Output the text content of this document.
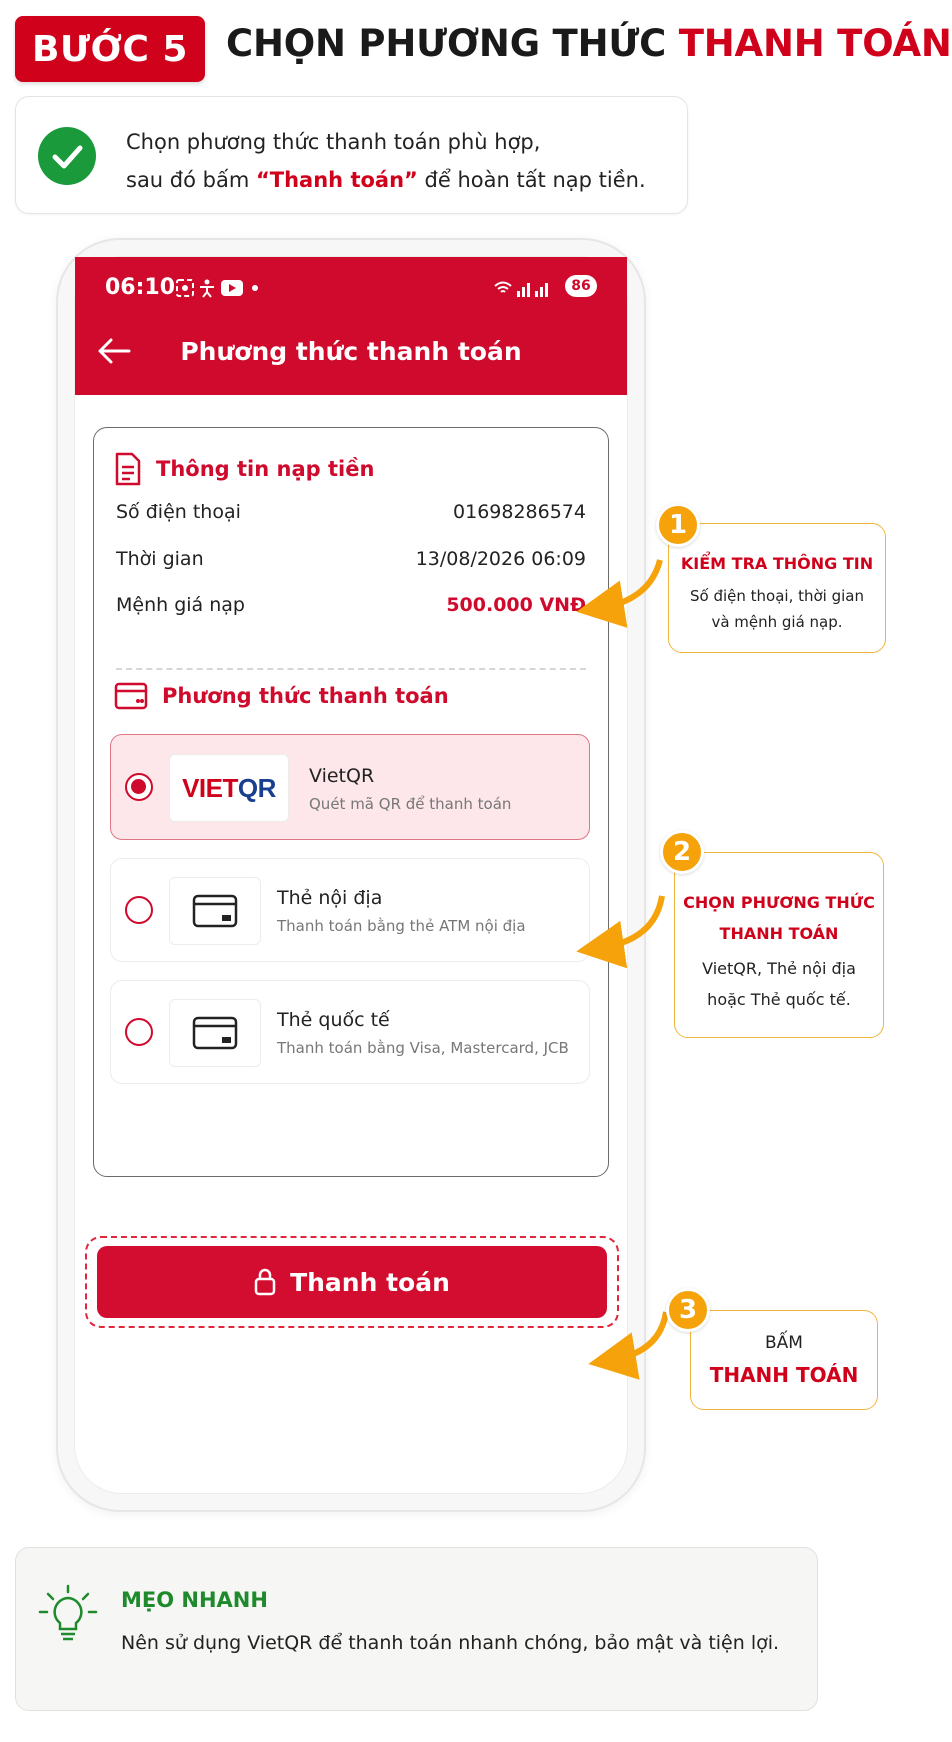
BƯỚC 5	CHỌN PHƯƠNG THỨC THANH TOÁN
Chọn phương thức thanh toán phù hợp,
sau đó bấm “Thanh toán” để hoàn tất nạp tiền.
06:10	86
Phương thức thanh toán
Thông tin nạp tiền
Số điện thoại	01698286574
Thời gian	13/08/2026 06:09
Mệnh giá nạp	500.000 VNĐ
Phương thức thanh toán
VIETQR VietQR
Quét mã QR để thanh toán
Thẻ nội địa
Thanh toán bằng thẻ ATM nội địa
Thẻ quốc tế
Thanh toán bằng Visa, Mastercard, JCB
Thanh toán
KIỂM TRA THÔNG TIN
Số điện thoại, thời gian
và mệnh giá nạp.
1
CHỌN PHƯƠNG THỨC
THANH TOÁN
VietQR, Thẻ nội địa
hoặc Thẻ quốc tế.
2
BẤM
THANH TOÁN
3
MẸO NHANH
Nên sử dụng VietQR để thanh toán nhanh chóng, bảo mật và tiện lợi.
